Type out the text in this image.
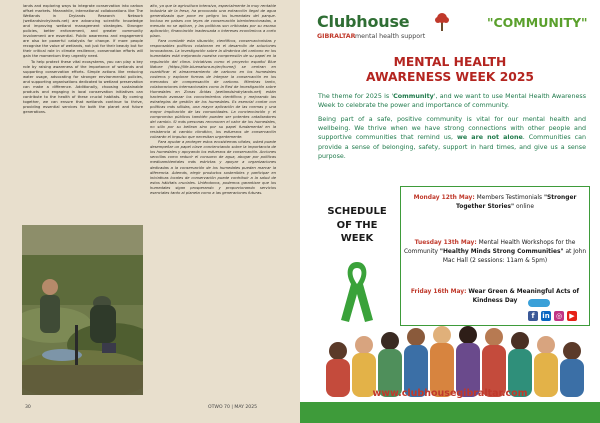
lands and exploring ways to integrate conservation into carbon offset markets. Meanwhile, international collaborations like The Wetlands in Drylands Research Network (wetlandsindrylands.net) are advancing scientific knowledge and improving wetland management strategies. Stronger policies, better enforcement, and greater community involvement are essential. Public awareness and engagement are also be powerful catalysts for change. If more people recognise the value of wetlands, not just for their beauty but for their critical role in climate resilience, conservation efforts will gain the momentum they urgently need.

To help protect these vital ecosystems, you can play a key role by raising awareness of the importance of wetlands and supporting conservation efforts. Simple actions like reducing water usage, advocating for stronger environmental policies, and supporting organisations dedicated to wetland preservation can make a difference. Additionally, choosing sustainable products and engaging in local conservation initiatives can contribute to the health of these crucial habitats. By coming together, we can ensure that wetlands continue to thrive, providing essential services for both the planet and future generations.

alto, ya que la agricultura intensiva, especialmente la muy rentable industria de la fresa, ha provocado una extracción ilegal de agua generalizada que pone en peligro los humedales del parque. Incluso en países con leyes de conservación bienintencionadas, a menudo no se aplican, y las políticas son criticadas por su escaso aplicación, financiación inadecuada o intereses económicos a corto plazo.

Para combatir esta situación, científicos, conservacionistas y responsables políticos colaboran en el desarrollo de soluciones innovadoras. La investigación sobre la dinámica del carbono en los humedales está mejorando nuestra comprensión de su papel en la regulación del clima. Iniciativas como el proyecto español Blue Nature (https://life-bluenatura.eu/en/home/) se centran en cuantificar el almacenamiento de carbono en los humedales costeros y explorar formas de integrar la conservación en los mercados de compensación de carbono. Mientras tanto, colaboraciones internacionales como la Red de Investigación sobre Humedales en Zonas Áridas (wetlandsindrylands.net) están haciendo avanzar los conocimientos científicos y mejorando las estrategias de gestión de los humedales. Es esencial contar con políticas más sólidas, una mayor aplicación de las normas y una mayor implicación de las comunidades. La concienciación y el compromiso públicos también pueden ser potentes catalizadores del cambio. Si más personas reconocen el valor de los humedales, no sólo por su belleza sino por su papel fundamental en la resistencia al cambio climático, los esfuerzos de conservación cobrarán el impulso que necesitan urgentemente.

Para ayudar a proteger estos ecosistemas vitales, usted puede desempeñar un papel clave concienciando sobre la importancia de los humedales y apoyando los esfuerzos de conservación. Acciones sencillas como reducir el consumo de agua, abogar por políticas medioambientales más estrictas y apoyar a organizaciones dedicadas a la conservación de los humedales pueden marcar la diferencia. Además, elegir productos sostenibles y participar en iniciativas locales de conservación puede contribuir a la salud de estos hábitats cruciales. Uniéndonos, podemos garantizar que los humedales sigan prosperando y proporcionando servicios esenciales tanto al planeta como a las generaciones futuras.

30	OTWO 70 | MAY 2025
Clubhouse
GIBRALTAR mental health support
"COMMUNITY"
MENTAL HEALTH
AWARENESS WEEK 2025

The theme for 2025 is 'Community', and we want to use Mental Health Awareness Week to celebrate the power and importance of community.

Being part of a safe, positive community is vital for our mental health and wellbeing. We thrive when we have strong connections with other people and supportive communities that remind us, we are not alone. Communities can provide a sense of belonging, safety, support in hard times, and give us a sense purpose.

SCHEDULE
OF THE
WEEK
Monday 12th May: Members Testimonials "Stronger Together Stories" online
Tuesday 13th May: Mental Health Workshops for the Community "Healthy Minds Strong Communities" at John Mac Hall (2 sessions: 11am & 5pm)
Friday 16th May: Wear Green & Meaningful Acts of Kindness Day
f	in ◎	▶
www.clubhousegibraltar.com
